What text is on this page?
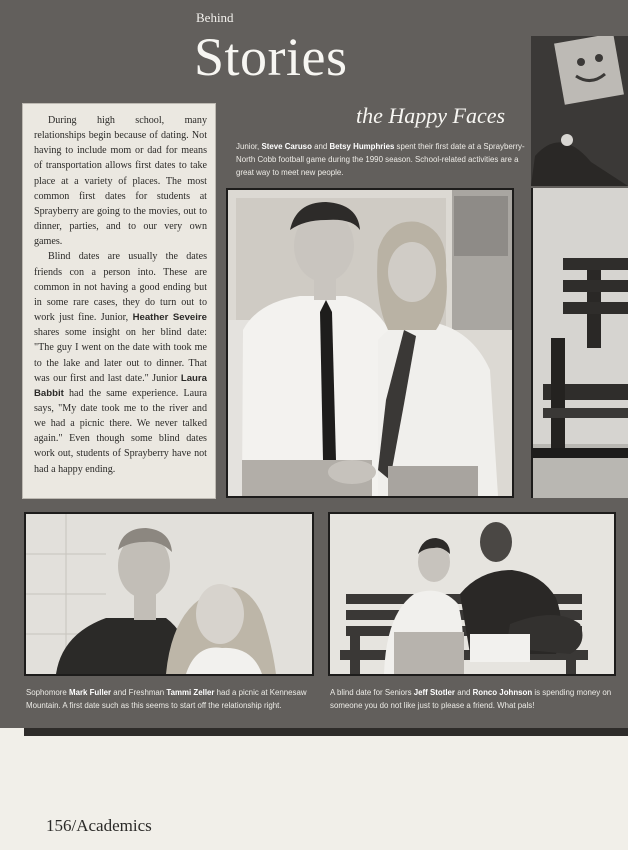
Behind
Stories
the Happy Faces

During high school, many relationships begin because of dating. Not having to include mom or dad for means of transportation allows first dates to take place at a variety of places. The most common first dates for students at Sprayberry are going to the movies, out to dinner, parties, and to our very own games.

Blind dates are usually the dates friends con a person into. These are common in not having a good ending but in some rare cases, they do turn out to work just fine. Junior, Heather Seveire shares some insight on her blind date: "The guy I went on the date with took me to the lake and later out to dinner. That was our first and last date." Junior Laura Babbit had the same experience. Laura says, "My date took me to the river and we had a picnic there. We never talked again." Even though some blind dates work out, students of Sprayberry have not had a happy ending.

Junior, Steve Caruso and Betsy Humphries spent their first date at a Sprayberry-North Cobb football game during the 1990 season. School-related activities are a great way to meet new people.
Sophomore Mark Fuller and Freshman Tammi Zeller had a picnic at Kennesaw Mountain. A first date such as this seems to start off the relationship right.
A blind date for Seniors Jeff Stotler and Ronco Johnson is spending money on someone you do not like just to please a friend. What pals!
156/Academics
